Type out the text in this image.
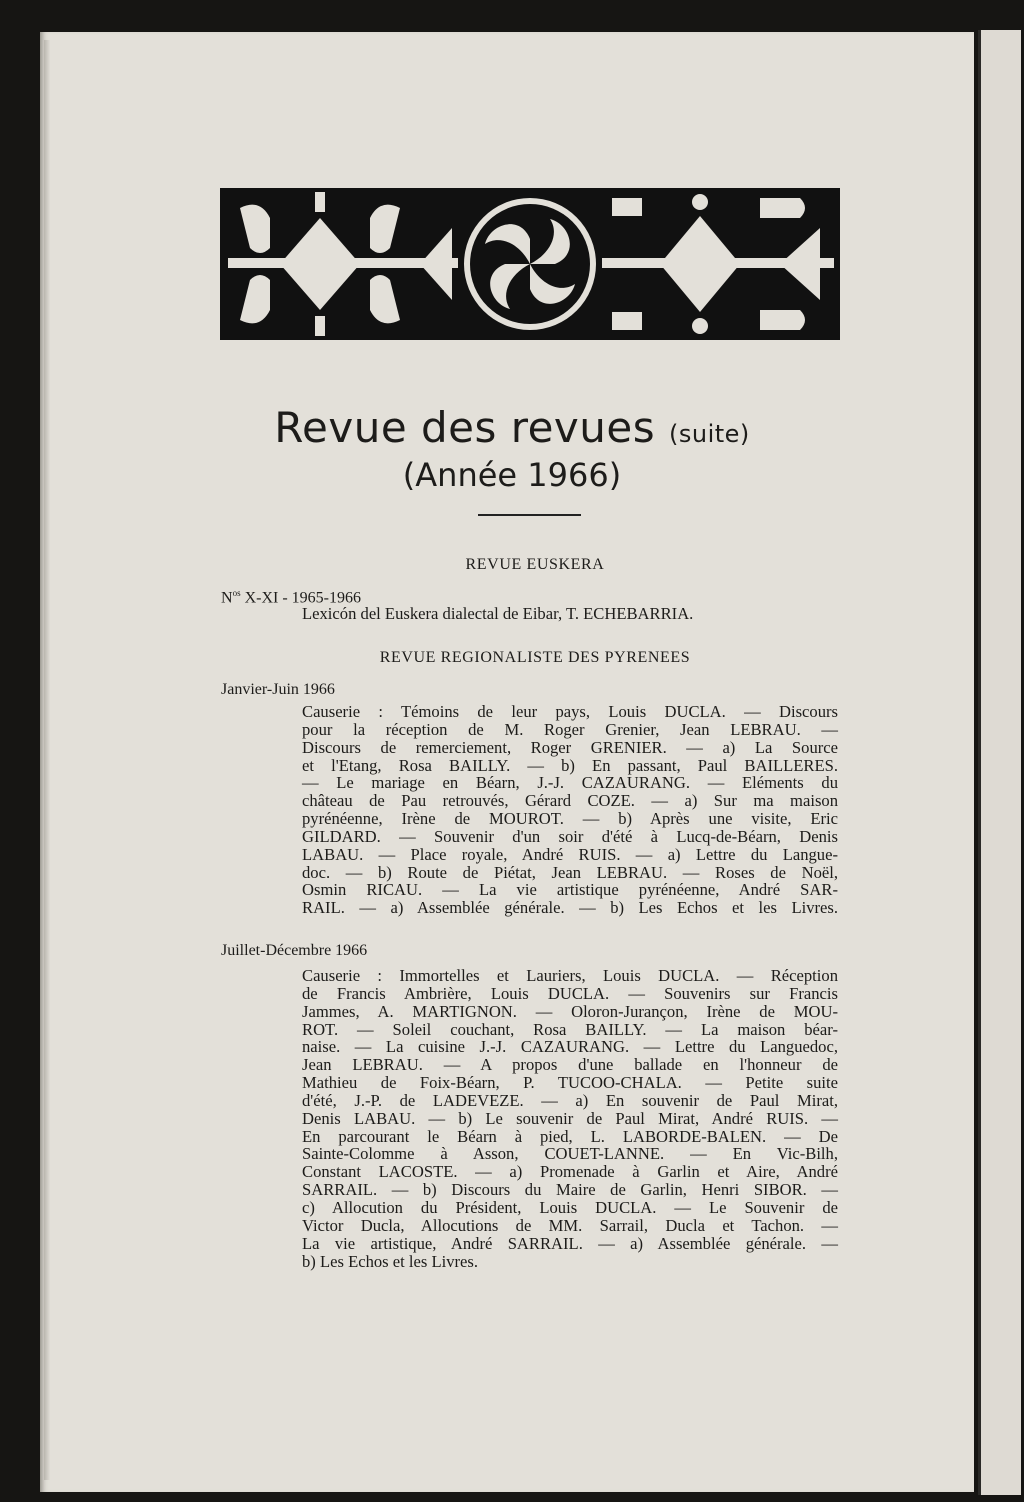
Revue des revues (suite)
(Année 1966)
REVUE EUSKERA
$N^{os}$ X-XI - 1965-1966
Lexicón del Euskera dialectal de Eibar, T. ECHEBARRIA.
REVUE REGIONALISTE DES PYRENEES
Janvier-Juin 1966
Causerie : Témoins de leur pays, Louis DUCLA. — Discours
pour la réception de M. Roger Grenier, Jean LEBRAU. —
Discours de remerciement, Roger GRENIER. — a) La Source
et l'Etang, Rosa BAILLY. — b) En passant, Paul BAILLERES.
— Le mariage en Béarn, J.-J. CAZAURANG. — Eléments du
château de Pau retrouvés, Gérard COZE. — a) Sur ma maison
pyrénéenne, Irène de MOUROT. — b) Après une visite, Eric
GILDARD. — Souvenir d'un soir d'été à Lucq-de-Béarn, Denis
LABAU. — Place royale, André RUIS. — a) Lettre du Langue-
doc. — b) Route de Piétat, Jean LEBRAU. — Roses de Noël,
Osmin RICAU. — La vie artistique pyrénéenne, André SAR-
RAIL. — a) Assemblée générale. — b) Les Echos et les Livres.
Juillet-Décembre 1966
Causerie : Immortelles et Lauriers, Louis DUCLA. — Réception
de Francis Ambrière, Louis DUCLA. — Souvenirs sur Francis
Jammes, A. MARTIGNON. — Oloron-Jurançon, Irène de MOU-
ROT. — Soleil couchant, Rosa BAILLY. — La maison béar-
naise. — La cuisine J.-J. CAZAURANG. — Lettre du Languedoc,
Jean LEBRAU. — A propos d'une ballade en l'honneur de
Mathieu de Foix-Béarn, P. TUCOO-CHALA. — Petite suite
d'été, J.-P. de LADEVEZE. — a) En souvenir de Paul Mirat,
Denis LABAU. — b) Le souvenir de Paul Mirat, André RUIS. —
En parcourant le Béarn à pied, L. LABORDE-BALEN. — De
Sainte-Colomme à Asson, COUET-LANNE. — En Vic-Bilh,
Constant LACOSTE. — a) Promenade à Garlin et Aire, André
SARRAIL. — b) Discours du Maire de Garlin, Henri SIBOR. —
c) Allocution du Président, Louis DUCLA. — Le Souvenir de
Victor Ducla, Allocutions de MM. Sarrail, Ducla et Tachon. —
La vie artistique, André SARRAIL. — a) Assemblée générale. —
b) Les Echos et les Livres.
